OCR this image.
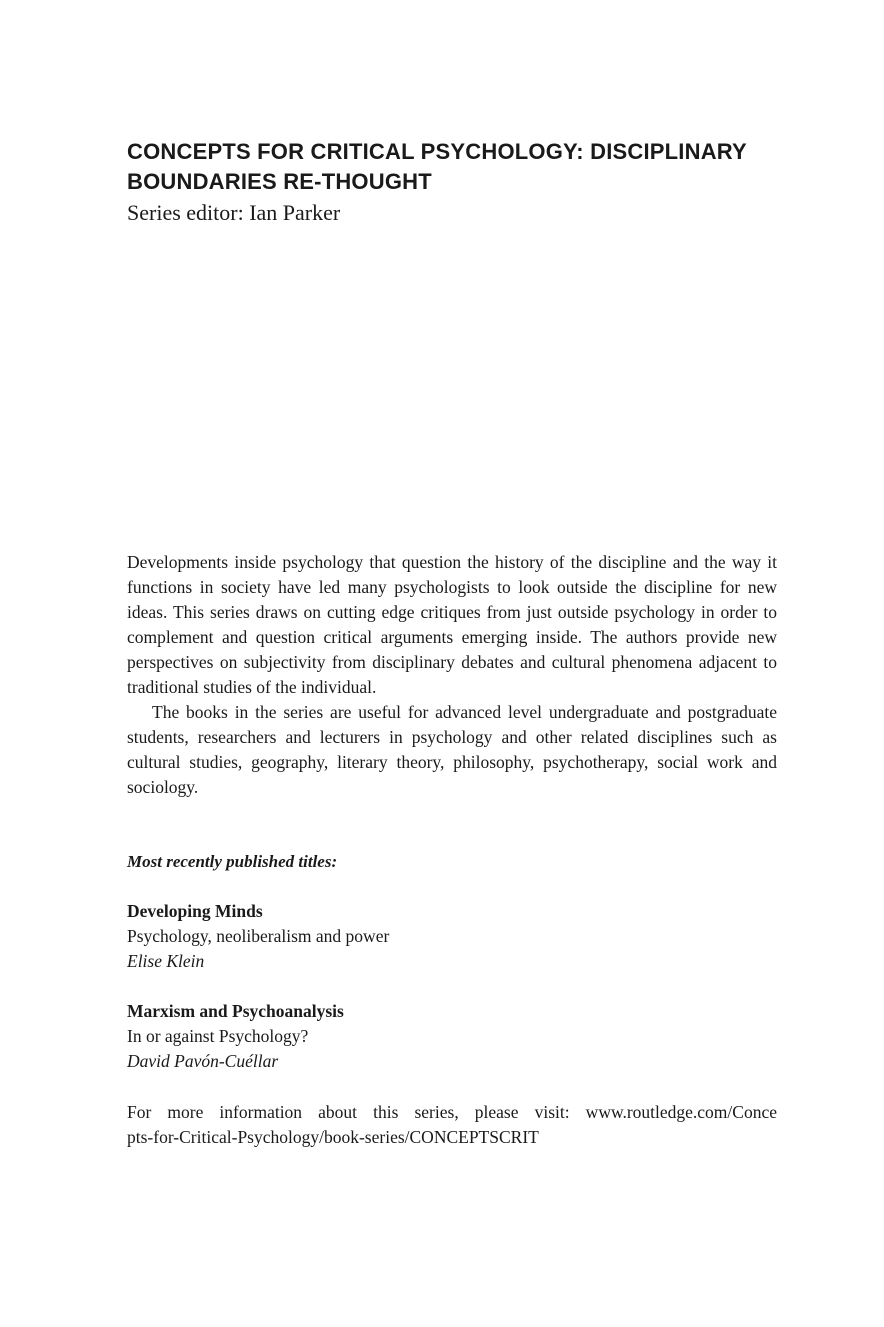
CONCEPTS FOR CRITICAL PSYCHOLOGY: DISCIPLINARY
BOUNDARIES RE-THOUGHT

Series editor: Ian Parker

Developments inside psychology that question the history of the discipline and the way it functions in society have led many psychologists to look outside the discipline for new ideas. This series draws on cutting edge critiques from just outside psychology in order to complement and question critical arguments emerging inside. The authors provide new perspectives on subjectivity from disciplinary debates and cultural phenomena adjacent to traditional studies of the individual.

The books in the series are useful for advanced level undergraduate and postgraduate students, researchers and lecturers in psychology and other related disciplines such as cultural studies, geography, literary theory, philosophy, psychotherapy, social work and sociology.

Most recently published titles:

Developing Minds
Psychology, neoliberalism and power
Elise Klein
Marxism and Psychoanalysis
In or against Psychology?
David Pavón-Cuéllar

For more information about this series, please visit: www.routledge.com/Conce
pts-for-Critical-Psychology/book-series/CONCEPTSCRIT
